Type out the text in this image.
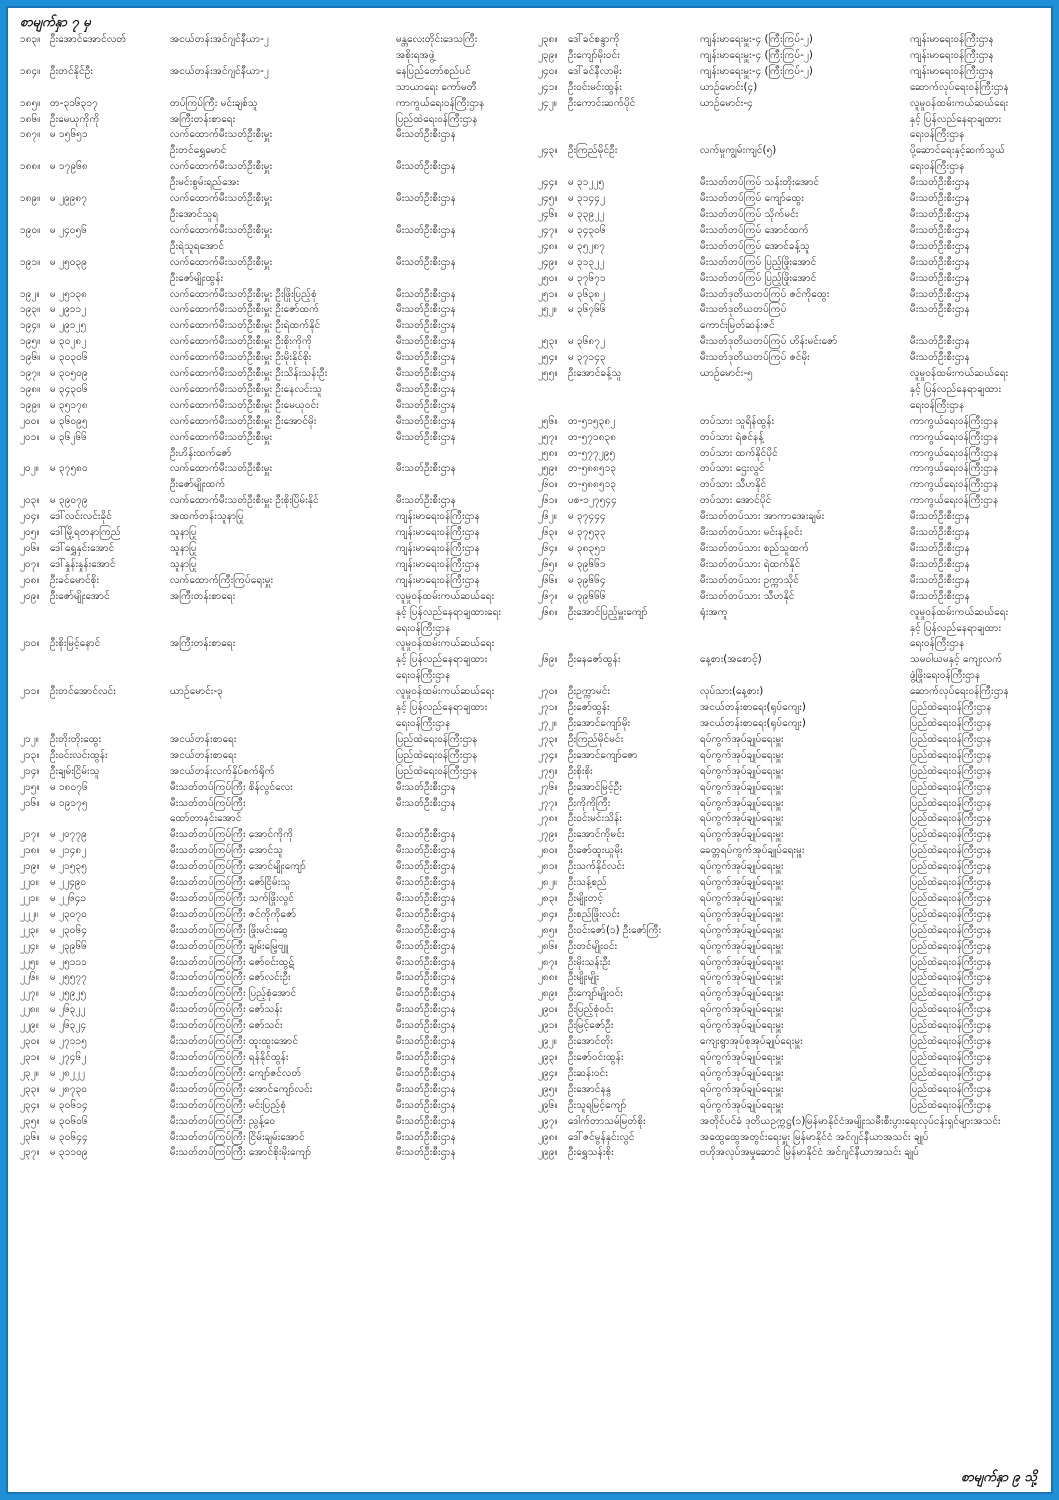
စာမျက်နှာ ၇ မှ
၁၈၃။ ဦးအောင်အောင်လတ်	အငယ်တန်းအင်ဂျင်နီယာ-၂	မန္တလေးတိုင်းဒေသကြီး
အစိုးရအဖွဲ့
၁၈၄။ ဦးတင်နိုင်ဦး	အငယ်တန်းအင်ဂျင်နီယာ-၂	နေပြည်တော်စည်ပင်
သာယာရေး ကော်မတီ
၁၈၅။ တ-၃၁၆၃၁၇	တပ်ကြပ်ကြီး မင်းချစ်သူ	ကာကွယ်ရေးဝန်ကြီးဌာန
၁၈၆။ ဦးမေယုကိုကို	အကြီးတန်းစာရေး	ပြည်ထဲရေးဝန်ကြီးဌာန
၁၈၇။ မ ၁၅၆၅၁	လက်ထောက်မီးသတ်ဦးစီးမှူး	မီးသတ်ဦးစီးဌာန
ဦးတင်ရွှေမောင်
၁၈၈။ မ ၁၇၉၆၈	လက်ထောက်မီးသတ်ဦးစီးမှူး	မီးသတ်ဦးစီးဌာန
ဦးမင်းစွမ်းရည်အေး
၁၈၉။ မ ၂၉၉၈၇	လက်ထောက်မီးသတ်ဦးစီးမှူး	မီးသတ်ဦးစီးဌာန
ဦးအောင်သူရ
၁၉၀။ မ ၂၄၀၅၆	လက်ထောက်မီးသတ်ဦးစီးမှူး	မီးသတ်ဦးစီးဌာန
ဦးရဲသူရအောင်
၁၉၁။ မ ၂၅၀၃၉	လက်ထောက်မီးသတ်ဦးစီးမှူး	မီးသတ်ဦးစီးဌာန
ဦးဇော်မျိုးထွန်း
၁၉၂။	မ ၂၅၁၃၈	လက်ထောက်မီးသတ်ဦးစီးမှူး ဦးဖြိုးပြည့်စုံ	မီးသတ်ဦးစီးဌာန
၁၉၃။ မ ၂၉၁၁၂	လက်ထောက်မီးသတ်ဦးစီးမှူး ဦးဇော်ထက်	မီးသတ်ဦးစီးဌာန
၁၉၄။ မ ၂၉၁၂၅	လက်ထောက်မီးသတ်ဦးစီးမှူး ဦးရဲထက်နိုင်	မီးသတ်ဦးစီးဌာန
၁၉၅။ မ ၃၀၂၈၂	လက်ထောက်မီးသတ်ဦးစီးမှူး ဦးစိုးကိုကို	မီးသတ်ဦးစီးဌာန
၁၉၆။ မ ၃၀၃၀၆	လက်ထောက်မီးသတ်ဦးစီးမှူး ဦးမိုးနိုင်စိုး	မီးသတ်ဦးစီးဌာန
၁၉၇။ မ ၃၀၅၀၉	လက်ထောက်မီးသတ်ဦးစီးမှူး ဦးသိန်းသန်းဦး	မီးသတ်ဦးစီးဌာန
၁၉၈။ မ ၃၄၃၀၆	လက်ထောက်မီးသတ်ဦးစီးမှူး ဦးနေလင်းသူ	မီးသတ်ဦးစီးဌာန
၁၉၉။ မ ၃၅၁၇၈	လက်ထောက်မီးသတ်ဦးစီးမှူး ဦးမေယုဝင်း	မီးသတ်ဦးစီးဌာန
၂၀၀။	မ ၃၆၀၉၅	လက်ထောက်မီးသတ်ဦးစီးမှူး ဦးအောင်မိုး	မီးသတ်ဦးစီးဌာန
၂၀၁။	မ ၃၆၂၆၆	လက်ထောက်မီးသတ်ဦးစီးမှူး	မီးသတ်ဦးစီးဌာန
ဦးဟိန်းထက်ဇော်
၂၀၂။	မ ၃၇၅၈၀	လက်ထောက်မီးသတ်ဦးစီးမှူး	မီးသတ်ဦးစီးဌာန
ဦးဇော်မျိုးထက်
၂၀၃။	မ ၃၉၀၇၉	လက်ထောက်မီးသတ်ဦးစီးမှူး ဦးစိုးပြိမ်းနိုင်	မီးသတ်ဦးစီးဌာန
၂၀၄။	ဒေါ်လင်းလင်းခိုင်	အထက်တန်းသူနာပြု	ကျန်းမာရေးဝန်ကြီးဌာန
၂၀၅။	ဒေါ်မြို့ရတနာကြည်	သူနာပြု	ကျန်းမာရေးဝန်ကြီးဌာန
၂၀၆။	ဒေါ်ရွှေနှင်းအောင်	သူနာပြု	ကျန်းမာရေးဝန်ကြီးဌာန
၂၀၇။	ဒေါ်နှုန်းနှုန်းအောင်	သူနာပြု	ကျန်းမာရေးဝန်ကြီးဌာန
၂၀၈။	ဦးခင်မောင်စိုး	လက်ထောက်ကြီးကြပ်ရေးမှူး	ကျန်းမာရေးဝန်ကြီးဌာန
၂၀၉။	ဦးဇော်မျိုးအောင်	အကြီးတန်းစာရေး	လူမှုဝန်ထမ်းကယ်ဆယ်ရေး
နှင့် ပြန်လည်နေရာချထားရေး
ရေးဝန်ကြီးဌာန
၂၁၀။	ဦးစိုးမြင့်နောင်	အကြီးတန်းစာရေး	လူမှုဝန်ထမ်းကယ်ဆယ်ရေး
နှင့် ပြန်လည်နေရာချထား
ရေးဝန်ကြီးဌာန
၂၁၁။	ဦးတင်အောင်လင်း	ယာဉ်မောင်း-၃	လူမှုဝန်ထမ်းကယ်ဆယ်ရေး
နှင့် ပြန်လည်နေရာချထား
ရေးဝန်ကြီးဌာန
၂၁၂။	ဦးတိုးတိုးထွေး	အငယ်တန်းစာရေး	ပြည်ထဲရေးဝန်ကြီးဌာန
၂၁၃။	ဦးဝင်းလင်းထွန်း	အငယ်တန်းစာရေး	ပြည်ထဲရေးဝန်ကြီးဌာန
၂၁၄။	ဦးချမ်းငြိမ်းသူ	အငယ်တန်းလက်နှိပ်စက်ရိုက်	ပြည်ထဲရေးဝန်ကြီးဌာန
၂၁၅။	မ ၁၈၀၇၆	မီးသတ်တပ်ကြပ်ကြီး စိန်လွင်လေး	မီးသတ်ဦးစီးဌာန
၂၁၆။	မ ၁၉၁၇၅	မီးသတ်တပ်ကြပ်ကြီး	မီးသတ်ဦးစီးဌာန
ထော်တာနှင်းအောင်
၂၁၇။	မ ၂၀၇၇၉	မီးသတ်တပ်ကြပ်ကြီး အောင်ကိုကို	မီးသတ်ဦးစီးဌာန
၂၁၈။	မ ၂၁၄၈၂	မီးသတ်တပ်ကြပ်ကြီး အောင်သူ	မီးသတ်ဦးစီးဌာန
၂၁၉။	မ ၂၁၅၃၅	မီးသတ်တပ်ကြပ်ကြီး အောင်မျိုးကျော်	မီးသတ်ဦးစီးဌာန
၂၂၀။	မ ၂၂၄၉၀	မီးသတ်တပ်ကြပ်ကြီး ဇော်ငြိမ်းသူ	မီးသတ်ဦးစီးဌာန
၂၂၁။	မ ၂၂၆၄၁	မီးသတ်တပ်ကြပ်ကြီး သက်ဖြိုးလွင်	မီးသတ်ဦးစီးဌာန
၂၂၂။	မ ၂၃၀၇၀	မီးသတ်တပ်ကြပ်ကြီး ဇင်ကိုကိုဇော်	မီးသတ်ဦးစီးဌာန
၂၂၃။	မ ၂၃၀၆၄	မီးသတ်တပ်ကြပ်ကြီး ဖြိုးမင်းဆွေ	မီးသတ်ဦးစီးဌာန
၂၂၄။	မ ၂၃၉၆၆	မီးသတ်တပ်ကြပ်ကြီး ချမ်းမြေ့ဗျူ	မီးသတ်ဦးစီးဌာန
၂၂၅။	မ ၂၅၁၁၁	မီးသတ်တပ်ကြပ်ကြီး ဇော်ဝင်းထွဋ်	မီးသတ်ဦးစီးဌာန
၂၂၆။	မ ၂၅၅၇၇	မီးသတ်တပ်ကြပ်ကြီး ဇော်လင်းဦး	မီးသတ်ဦးစီးဌာန
၂၂၇။	မ ၂၅၉၂၅	မီးသတ်တပ်ကြပ်ကြီး ပြည့်စုံအောင်	မီးသတ်ဦးစီးဌာန
၂၂၈။	မ ၂၆၃၂၂	မီးသတ်တပ်ကြပ်ကြီး ဇော်သန်း	မီးသတ်ဦးစီးဌာန
၂၂၉။	မ ၂၆၃၂၄	မီးသတ်တပ်ကြပ်ကြီး ဇော်သင်း	မီးသတ်ဦးစီးဌာန
၂၃၀။	မ ၂၇၁၁၅	မီးသတ်တပ်ကြပ်ကြီး ထူးထူးအောင်	မီးသတ်ဦးစီးဌာန
၂၃၁။	မ ၂၇၄၆၂	မီးသတ်တပ်ကြပ်ကြီး ရန်နိုင်ထွန်း	မီးသတ်ဦးစီးဌာန
၂၃၂။	မ ၂၈၂၂၂	မီးသတ်တပ်ကြပ်ကြီး ကျော်ဇင်လတ်	မီးသတ်ဦးစီးဌာန
၂၃၃။	မ ၂၈၇၃၀	မီးသတ်တပ်ကြပ်ကြီး အောင်ကျော်လင်း	မီးသတ်ဦးစီးဌာန
၂၃၄။	မ ၃၀၆၁၄	မီးသတ်တပ်ကြပ်ကြီး မင်းပြည့်စုံ	မီးသတ်ဦးစီးဌာန
၂၃၅။	မ ၃၀၆၀၆	မီးသတ်တပ်ကြပ်ကြီး ညွန့်ဝေ	မီးသတ်ဦးစီးဌာန
၂၃၆။	မ ၃၀၆၄၄	မီးသတ်တပ်ကြပ်ကြီး ငြိမ်းချမ်းအောင်	မီးသတ်ဦးစီးဌာန
၂၃၇။	မ ၃၁၁၀၉	မီးသတ်တပ်ကြပ်ကြီး အောင်စိုးမိုးကျော်	မီးသတ်ဦးစီးဌာန
၂၃၈။	ဒေါ်ခင်စန္ဒာကို	ကျန်းမာရေးမှူး-၄ (ကြီးကြပ်-၂)	ကျန်းမာရေးဝန်ကြီးဌာန
၂၃၉။	ဦးကျော်မိုးဝင်း	ကျန်းမာရေးမှူး-၄ (ကြီးကြပ်-၂)	ကျန်းမာရေးဝန်ကြီးဌာန
၂၄၀။	ဒေါ်ခင်နီလာမိုး	ကျန်းမာရေးမှူး-၄ (ကြီးကြပ်-၂)	ကျန်းမာရေးဝန်ကြီးဌာန
၂၄၁။	ဦးဝင်းမင်းထွန်း	ယာဉ်မောင်း(၄)	ဆောက်လုပ်ရေးဝန်ကြီးဌာန
၂၄၂။	ဦးကောင်းဆက်ပိုင်	ယာဉ်မောင်း-၄	လူမှုဝန်ထမ်းကယ်ဆယ်ရေး
နှင့် ပြန်လည်နေရာချထား
ရေးဝန်ကြီးဌာန
၂၄၃။	ဦးကြည်မိုင်ဦး	လက်မှုကျွမ်းကျင်(၅)	ပို့ဆောင်ရေးနှင့်ဆက်သွယ်
ရေးဝန်ကြီးဌာန
၂၄၄။	မ ၃၁၂၂၅	မီးသတ်တပ်ကြပ် သန်းတိုးအောင်	မီးသတ်ဦးစီးဌာန
၂၄၅။	မ ၃၁၄၄၂	မီးသတ်တပ်ကြပ် ကျော်ထွေး	မီးသတ်ဦးစီးဌာန
၂၄၆။	မ ၃၃၉၂၂	မီးသတ်တပ်ကြပ် သိုက်မင်း	မီးသတ်ဦးစီးဌာန
၂၄၇။	မ ၃၄၃၀၆	မီးသတ်တပ်ကြပ် အောင်ထက်	မီးသတ်ဦးစီးဌာန
၂၄၈။	မ ၃၅၂၈၇	မီးသတ်တပ်ကြပ် အောင်ခန့်သူ	မီးသတ်ဦးစီးဌာန
၂၄၉။	မ ၃၁၃၂၂	မီးသတ်တပ်ကြပ် ပြည့်ဖြိုးအောင်	မီးသတ်ဦးစီးဌာန
၂၅၀။	မ ၃၇၆၇၁	မီးသတ်တပ်ကြပ် ပြည့်ဖြိုးအောင်	မီးသတ်ဦးစီးဌာန
၂၅၁။	မ ၃၆၃၈၂	မီးသတ်ဒုတိယတပ်ကြပ် ဇင်ကိုထွေး	မီးသတ်ဦးစီးဌာန
၂၅၂။	မ ၃၆၇၆၆	မီးသတ်ဒုတိယတပ်ကြပ်	မီးသတ်ဦးစီးဌာန
ကောင်းမြတ်ဆန်းဇင်
၂၅၃။	မ ၃၆၈၇၂	မီးသတ်ဒုတိယတပ်ကြပ် ဟိန်းမင်းဇော်	မီးသတ်ဦးစီးဌာန
၂၅၄။	မ ၃၇၁၄၃	မီးသတ်ဒုတိယတပ်ကြပ် ဇင်မိုး	မီးသတ်ဦးစီးဌာန
၂၅၅။	ဦးအောင်ခန့်သူ	ယာဉ်မောင်း-၅	လူမှုဝန်ထမ်းကယ်ဆယ်ရေး
နှင့် ပြန်လည်နေရာချထား
ရေးဝန်ကြီးဌာန
၂၅၆။	တ-၅၁၅၃၈၂	တပ်သား သူရိန်ထွန်း	ကာကွယ်ရေးဝန်ကြီးဌာန
၂၅၇။	တ-၅၇၁၈၃၈	တပ်သား ရဲဇင်နန့်	ကာကွယ်ရေးဝန်ကြီးဌာန
၂၅၈။	တ-၅၇၇၂၉၅	တပ်သား ထက်နိုင်ပိုင်	ကာကွယ်ရေးဝန်ကြီးဌာန
၂၅၉။	တ-၅၈၈၅၁၃	တပ်သား ဌေးလွင်	ကာကွယ်ရေးဝန်ကြီးဌာန
၂၆၀။	တ-၅၈၈၅၁၃	တပ်သား သီဟနိုင်	ကာကွယ်ရေးဝန်ကြီးဌာန
၂၆၁။	ပစ-၁၂၇၅၄၄	တပ်သား အောင်ပိုင်	ကာကွယ်ရေးဝန်ကြီးဌာန
၂၆၂။	မ ၃၇၄၄၄	မီးသတ်တပ်သား အာကာအေးချမ်း	မီးသတ်ဦးစီးဌာန
၂၆၃။	မ ၃၇၅၃၃	မီးသတ်တပ်သား မင်းနန့်ဝင်း	မီးသတ်ဦးစီးဌာန
၂၆၄။	မ ၃၈၃၅၁	မီးသတ်တပ်သား စည်သူထက်	မီးသတ်ဦးစီးဌာန
၂၆၅။	မ ၃၉၆၆၁	မီးသတ်တပ်သား ရဲထက်နိုင်	မီးသတ်ဦးစီးဌာန
၂၆၆။	မ ၃၉၆၆၄	မီးသတ်တပ်သား ဥက္ကာသိုင်	မီးသတ်ဦးစီးဌာန
၂၆၇။	မ ၃၉၆၆၆	မီးသတ်တပ်သား သီဟနိုင်	မီးသတ်ဦးစီးဌာန
၂၆၈။	ဦးအောင်ပြည့်မှူးကျော်	ရုံးအကူ	လူမှုဝန်ထမ်းကယ်ဆယ်ရေး
နှင့် ပြန်လည်နေရာချထား
ရေးဝန်ကြီးဌာန
၂၆၉။	ဦးနေဇော်ထွန်း	နေ့စား(အစောင့်)	သမဝါယမနှင့် ကျေးလက်
ဖွံ့ဖြိုးရေးဝန်ကြီးဌာန
၂၇၀။	ဦးဥက္ကာမင်း	လုပ်သား(နေ့စား)	ဆောက်လုပ်ရေးဝန်ကြီးဌာန
၂၇၁။	ဦးဇော်ထွန်း	အငယ်တန်းစာရေး(ရုပ်ကျေး)	ပြည်ထဲရေးဝန်ကြီးဌာန
၂၇၂။	ဦးအောင်ကျော်မိုး	အငယ်တန်းစာရေး(ရုပ်ကျေး)	ပြည်ထဲရေးဝန်ကြီးဌာန
၂၇၃။	ဦးကြည်မိုင်မင်း	ရပ်ကွက်အုပ်ချုပ်ရေးမှူး	ပြည်ထဲရေးဝန်ကြီးဌာန
၂၇၄။	ဦးအောင်ကျော်ဇော	ရပ်ကွက်အုပ်ချုပ်ရေးမှူး	ပြည်ထဲရေးဝန်ကြီးဌာန
၂၇၅။	ဦးစိုးစိုး	ရပ်ကွက်အုပ်ချုပ်ရေးမှူး	ပြည်ထဲရေးဝန်ကြီးဌာန
၂၇၆။	ဦးအောင်မြင့်ဦး	ရပ်ကွက်အုပ်ချုပ်ရေးမှူး	ပြည်ထဲရေးဝန်ကြီးဌာန
၂၇၇။	ဦးကိုကိုကြီး	ရပ်ကွက်အုပ်ချုပ်ရေးမှူး	ပြည်ထဲရေးဝန်ကြီးဌာန
၂၇၈။	ဦးဝင်းမင်းသိန်း	ရပ်ကွက်အုပ်ချုပ်ရေးမှူး	ပြည်ထဲရေးဝန်ကြီးဌာန
၂၇၉။	ဦးအောင်ကိုမင်း	ရပ်ကွက်အုပ်ချုပ်ရေးမှူး	ပြည်ထဲရေးဝန်ကြီးဌာန
၂၈၀။	ဦးဇော်ထူးယူမိုး	ခေတ္တရပ်ကွက်အုပ်ချုပ်ရေးမှူး	ပြည်ထဲရေးဝန်ကြီးဌာန
၂၈၁။	ဦးသက်နိုင်လင်း	ရပ်ကွက်အုပ်ချုပ်ရေးမှူး	ပြည်ထဲရေးဝန်ကြီးဌာန
၂၈၂။	ဦးသန့်စည်	ရပ်ကွက်အုပ်ချုပ်ရေးမှူး	ပြည်ထဲရေးဝန်ကြီးဌာန
၂၈၃။	ဦးမျိုးတင့်	ရပ်ကွက်အုပ်ချုပ်ရေးမှူး	ပြည်ထဲရေးဝန်ကြီးဌာန
၂၈၄။	ဦးစည်ဖြိုးလင်း	ရပ်ကွက်အုပ်ချုပ်ရေးမှူး	ပြည်ထဲရေးဝန်ကြီးဌာန
၂၈၅။	ဦးဝင်းဇော်(၁) ဦးဇော်ကြီး	ရပ်ကွက်အုပ်ချုပ်ရေးမှူး	ပြည်ထဲရေးဝန်ကြီးဌာန
၂၈၆။	ဦးတင်မျိုးဝင်း	ရပ်ကွက်အုပ်ချုပ်ရေးမှူး	ပြည်ထဲရေးဝန်ကြီးဌာန
၂၈၇။	ဦးမိုးသန်းဦး	ရပ်ကွက်အုပ်ချုပ်ရေးမှူး	ပြည်ထဲရေးဝန်ကြီးဌာန
၂၈၈။	ဦးမျိုးမျိုး	ရပ်ကွက်အုပ်ချုပ်ရေးမှူး	ပြည်ထဲရေးဝန်ကြီးဌာန
၂၈၉။	ဦးကျော်မျိုးဝင်း	ရပ်ကွက်အုပ်ချုပ်ရေးမှူး	ပြည်ထဲရေးဝန်ကြီးဌာန
၂၉၀။	ဦးပြည့်စုံဝင်း	ရပ်ကွက်အုပ်ချုပ်ရေးမှူး	ပြည်ထဲရေးဝန်ကြီးဌာန
၂၉၁။	ဦးမြင့်ဇော်ဦး	ရပ်ကွက်အုပ်ချုပ်ရေးမှူး	ပြည်ထဲရေးဝန်ကြီးဌာန
၂၉၂။	ဦးအောင်တိုး	ကျေးရွာအုပ်စုအုပ်ချုပ်ရေးမှူး	ပြည်ထဲရေးဝန်ကြီးဌာန
၂၉၃။	ဦးဇော်ဝင်းထွန်း	ရပ်ကွက်အုပ်ချုပ်ရေးမှူး	ပြည်ထဲရေးဝန်ကြီးဌာန
၂၉၄။	ဦးဆန်းဝင်း	ရပ်ကွက်အုပ်ချုပ်ရေးမှူး	ပြည်ထဲရေးဝန်ကြီးဌာန
၂၉၅။	ဦးအောင်နနွ	ရပ်ကွက်အုပ်ချုပ်ရေးမှူး	ပြည်ထဲရေးဝန်ကြီးဌာန
၂၉၆။	ဦးသူရမြင့်ကျော်	ရပ်ကွက်အုပ်ချုပ်ရေးမှူး	ပြည်ထဲရေးဝန်ကြီးဌာန
၂၉၇။	ဒေါက်တာသမ်မြတ်စိုး	အတိုင်ပင်ခံ ဒုတိယဥက္ကဋ္ဌ(၁)မြန်မာနိုင်ငံအမျိုးသမီးစီးပွားရေးလုပ်ငန်းရှင်များအသင်း
၂၉၈။	ဒေါ်ဇင်မွန်နှင်းလွင်	အထွေထွေအတွင်းရေးမှူး မြန်မာနိုင်ငံ အင်ဂျင်နီယာအသင်း ချုပ်
၂၉၉။	ဦးရွှေသန်းစိုး	ဗဟိုအလုပ်အမှုဆောင် မြန်မာနိုင်ငံ အင်ဂျင်နီယာအသင်း ချုပ်
စာမျက်နှာ ၉ သို့
